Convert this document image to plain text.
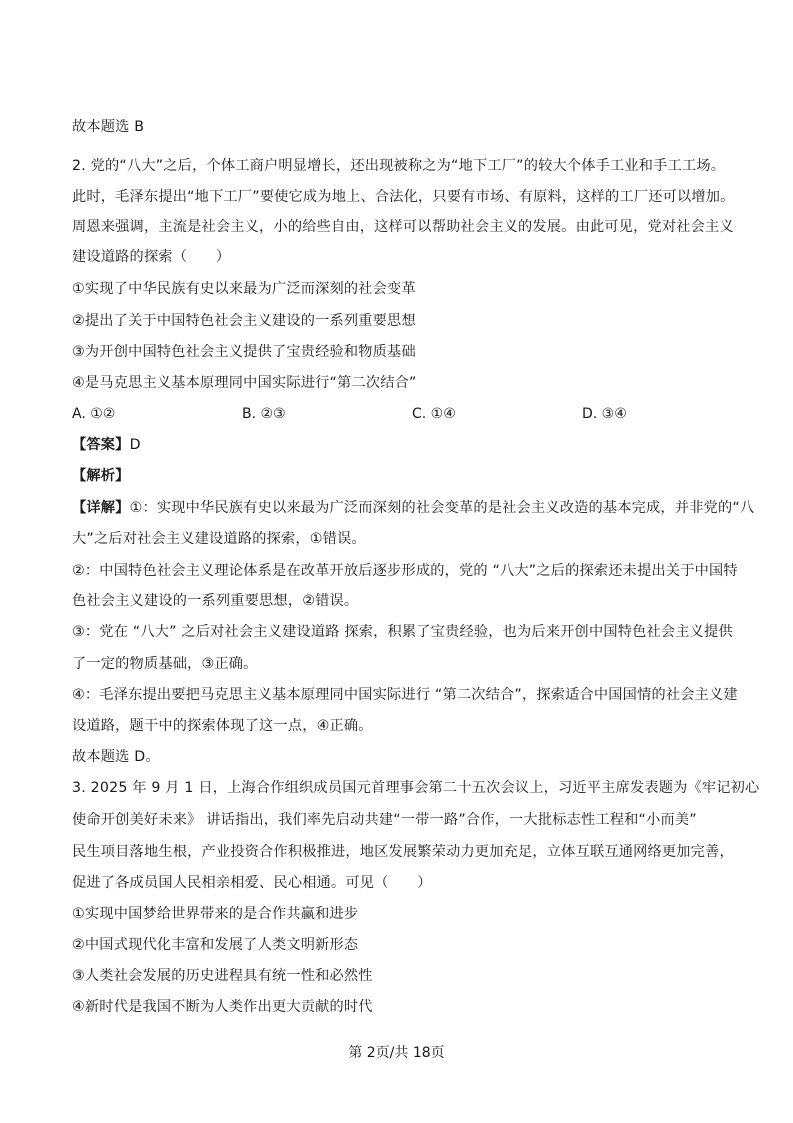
故本题选 B
2. 党的“八大”之后，个体工商户明显增长，还出现被称之为“地下工厂”的较大个体手工业和手工工场。
此时，毛泽东提出“地下工厂”要使它成为地上、合法化，只要有市场、有原料，这样的工厂还可以增加。
周恩来强调，主流是社会主义，小的给些自由，这样可以帮助社会主义的发展。由此可见，党对社会主义
建设道路的探索（　　）
①实现了中华民族有史以来最为广泛而深刻的社会变革
②提出了关于中国特色社会主义建设的一系列重要思想
③为开创中国特色社会主义提供了宝贵经验和物质基础
④是马克思主义基本原理同中国实际进行“第二次结合”
A. ①②	B. ②③	C. ①④	D. ③④
【答案】D
【解析】
【详解】①：实现中华民族有史以来最为广泛而深刻的社会变革的是社会主义改造的基本完成，并非党的“八
大”之后对社会主义建设道路的探索，①错误。
②：中国特色社会主义理论体系是在改革开放后逐步形成的，党的 “八大”之后的探索还未提出关于中国特
色社会主义建设的一系列重要思想，②错误。
③：党在 “八大” 之后对社会主义建设道路 探索，积累了宝贵经验，也为后来开创中国特色社会主义提供
了一定的物质基础，③正确。
④：毛泽东提出要把马克思主义基本原理同中国实际进行 “第二次结合”，探索适合中国国情的社会主义建
设道路，题干中的探索体现了这一点，④正确。
故本题选 D。
3. 2025 年 9 月 1 日，上海合作组织成员国元首理事会第二十五次会议上，习近平主席发表题为《牢记初心
使命开创美好未来》 讲话指出，我们率先启动共建“一带一路”合作，一大批标志性工程和“小而美”
民生项目落地生根，产业投资合作积极推进，地区发展繁荣动力更加充足，立体互联互通网络更加完善，
促进了各成员国人民相亲相爱、民心相通。可见（　　）
①实现中国梦给世界带来的是合作共赢和进步
②中国式现代化丰富和发展了人类文明新形态
③人类社会发展的历史进程具有统一性和必然性
④新时代是我国不断为人类作出更大贡献的时代
第 2页/共 18页
